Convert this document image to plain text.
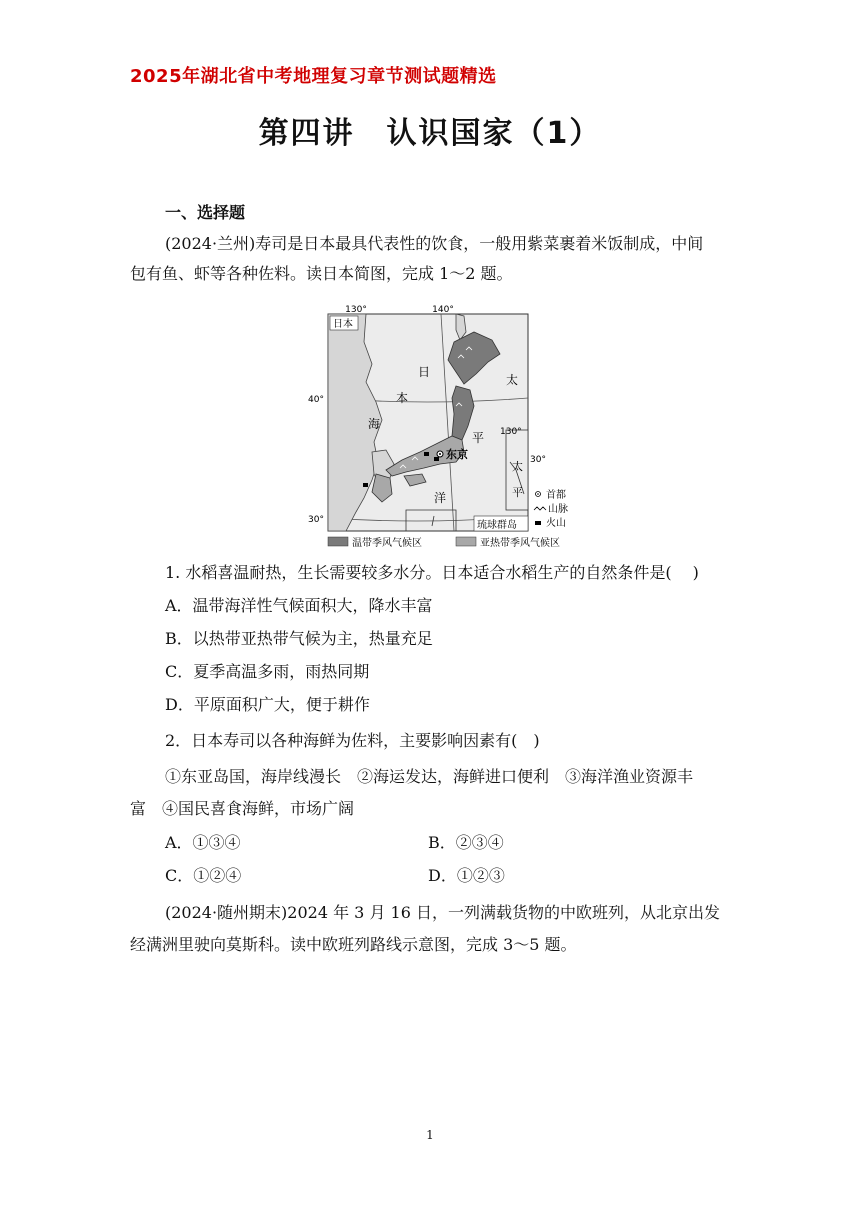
2025年湖北省中考地理复习章节测试题精选
第四讲　认识国家（1）
一、选择题
(2024·兰州)寿司是日本最具代表性的饮食，一般用紫菜裹着米饭制成，中间
包有鱼、虾等各种佐料。读日本简图，完成 1～2 题。
130°	140°
40°
30°
30°
130°
日本
日
本
海
太
平
洋
太
平
东京
琉球群岛
首都
山脉
火山
温带季风气候区	亚热带季风气候区
1. 水稻喜温耐热，生长需要较多水分。日本适合水稻生产的自然条件是(　 )
A．温带海洋性气候面积大，降水丰富
B．以热带亚热带气候为主，热量充足
C．夏季高温多雨，雨热同期
D．平原面积广大，便于耕作
2．日本寿司以各种海鲜为佐料，主要影响因素有(　)
①东亚岛国，海岸线漫长　②海运发达，海鲜进口便利　③海洋渔业资源丰
富　④国民喜食海鲜，市场广阔
A．①③④	B．②③④
C．①②④	D．①②③
(2024·随州期末)2024 年 3 月 16 日，一列满载货物的中欧班列，从北京出发
经满洲里驶向莫斯科。读中欧班列路线示意图，完成 3～5 题。
1
